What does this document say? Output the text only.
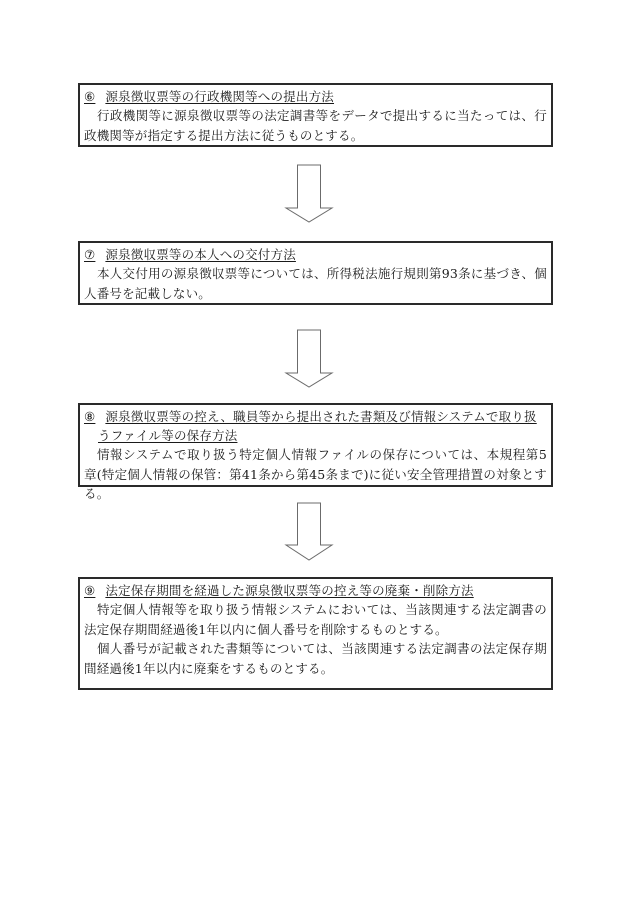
⑥ 源泉徴収票等の行政機関等への提出方法

行政機関等に源泉徴収票等の法定調書等をデータで提出するに当たっては、行政機関等が指定する提出方法に従うものとする。

⑦ 源泉徴収票等の本人への交付方法

本人交付用の源泉徴収票等については、所得税法施行規則第93条に基づき、個人番号を記載しない。

⑧ 源泉徴収票等の控え、職員等から提出された書類及び情報システムで取り扱うファイル等の保存方法

情報システムで取り扱う特定個人情報ファイルの保存については、本規程第5章(特定個人情報の保管：第41条から第45条まで)に従い安全管理措置の対象とする。

⑨ 法定保存期間を経過した源泉徴収票等の控え等の廃棄・削除方法

特定個人情報等を取り扱う情報システムにおいては、当該関連する法定調書の法定保存期間経過後1年以内に個人番号を削除するものとする。

個人番号が記載された書類等については、当該関連する法定調書の法定保存期間経過後1年以内に廃棄をするものとする。
